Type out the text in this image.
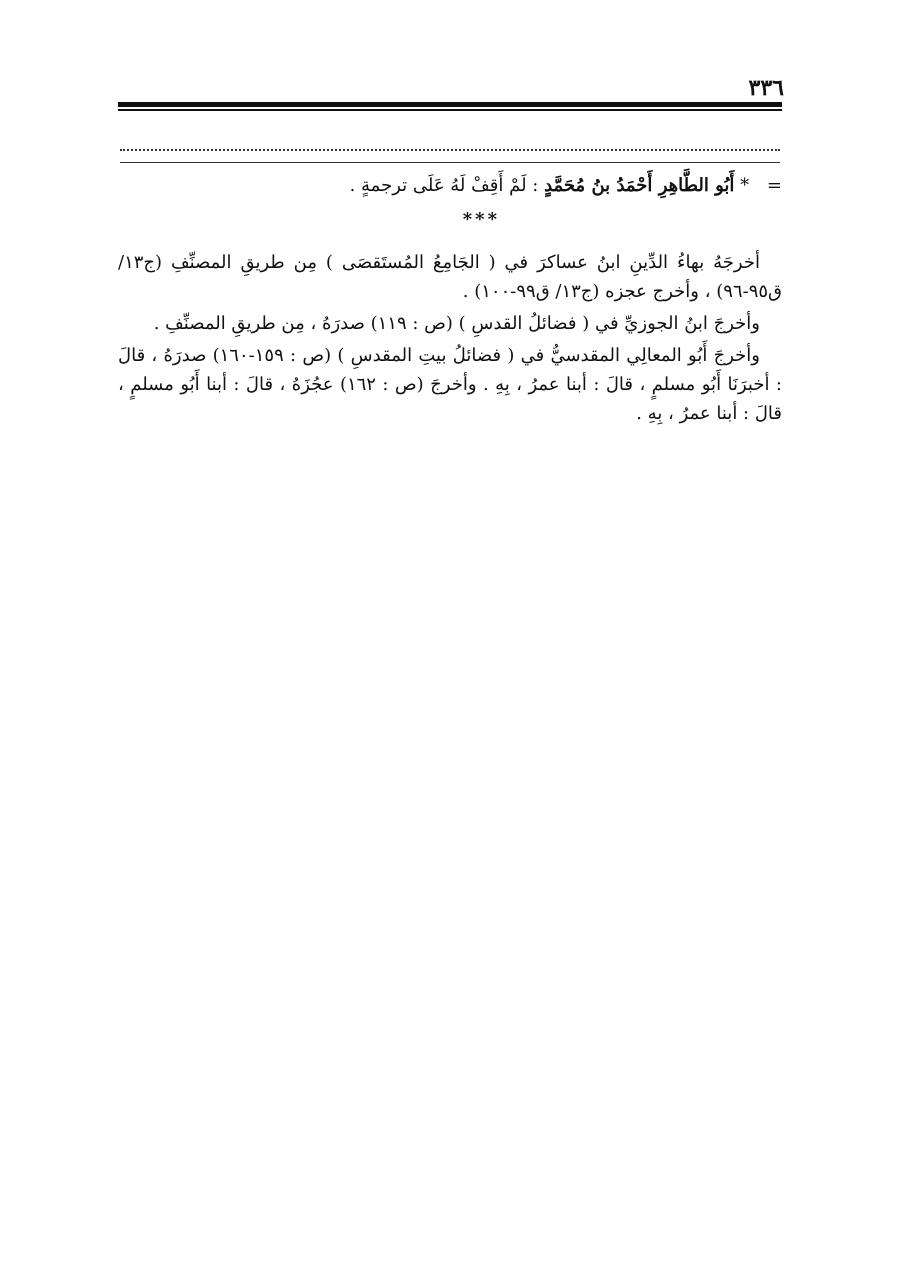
٣٣٦
= * أَبُو الطَّاهِرِ أَحْمَدُ بنُ مُحَمَّدٍ : لَمْ أَقِفْ لَهُ عَلَى ترجمةٍ .
***

أخرجَهُ بهاءُ الدِّينِ ابنُ عساكرَ في ( الجَامِعُ المُستَقصَى ) مِن طريقِ المصنِّفِ (ج١٣/ ق٩٥-٩٦) ، وأخرج عجزه (ج١٣/ ق٩٩-١٠٠) .

وأخرجَ ابنُ الجوزيِّ في ( فضائلُ القدسِ ) (ص : ١١٩) صدرَهُ ، مِن طريقِ المصنِّفِ .

وأخرجَ أَبُو المعالِي المقدسيُّ في ( فضائلُ بيتِ المقدسِ ) (ص : ١٥٩-١٦٠) صدرَهُ ، قالَ : أخبرَنَا أَبُو مسلمٍ ، قالَ : أبنا عمرُ ، بِهِ . وأخرجَ (ص : ١٦٢) عجُزَهُ ، قالَ : أبنا أَبُو مسلمٍ ، قالَ : أبنا عمرُ ، بِهِ .
